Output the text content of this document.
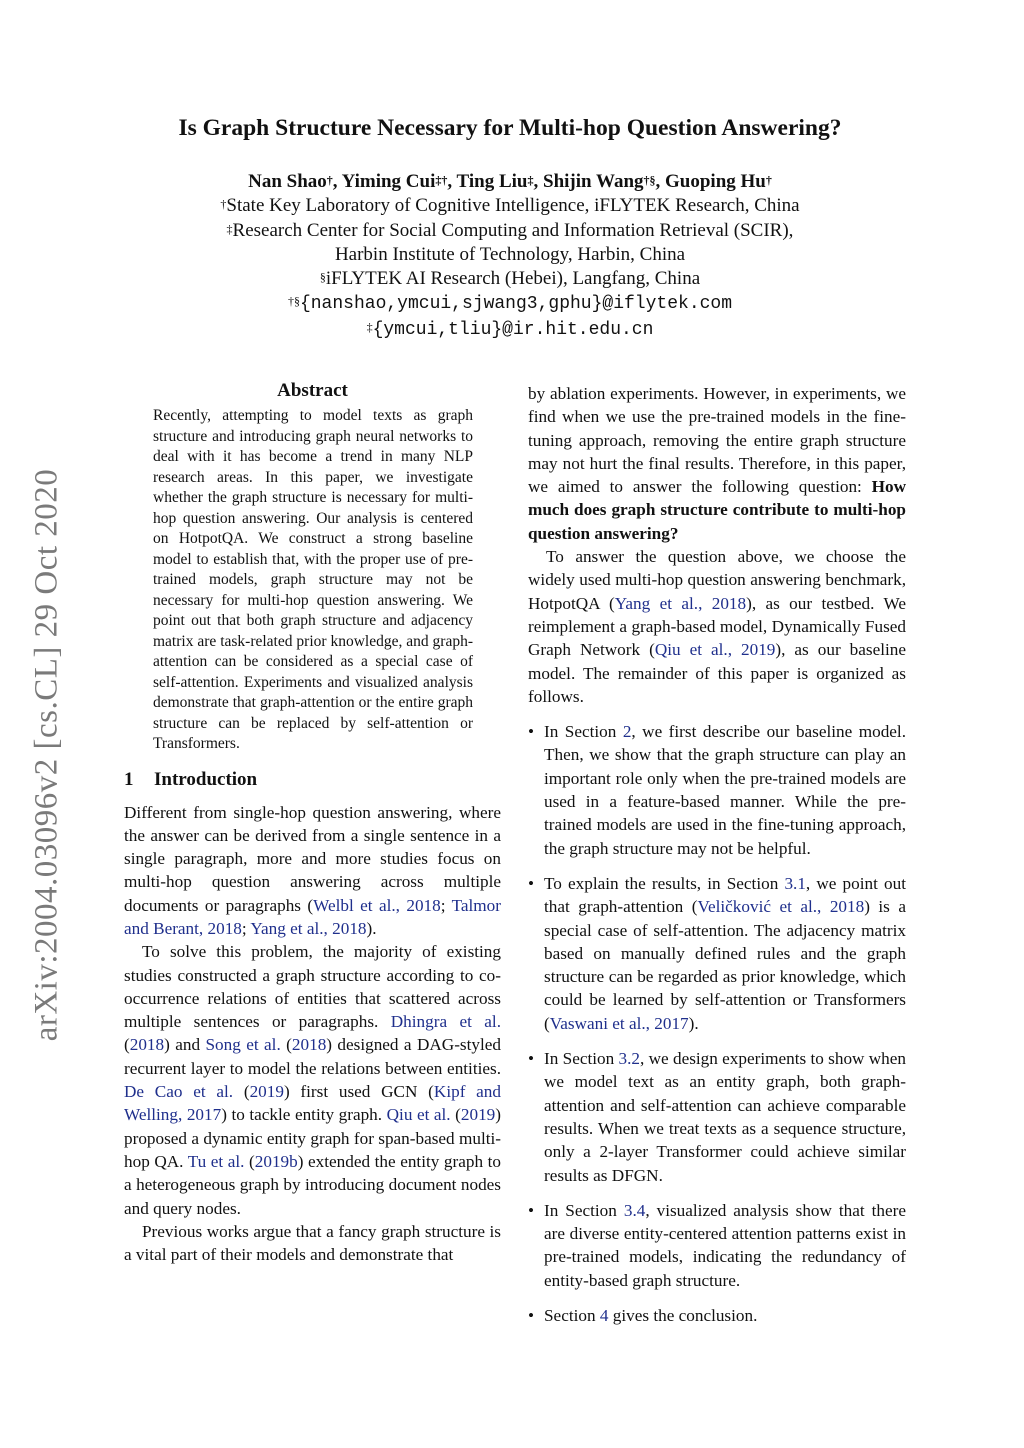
arXiv:2004.03096v2 [cs.CL] 29 Oct 2020
Is Graph Structure Necessary for Multi-hop Question Answering?
Nan Shao†, Yiming Cui‡†, Ting Liu‡, Shijin Wang†§, Guoping Hu†
†State Key Laboratory of Cognitive Intelligence, iFLYTEK Research, China
‡Research Center for Social Computing and Information Retrieval (SCIR),
Harbin Institute of Technology, Harbin, China
§iFLYTEK AI Research (Hebei), Langfang, China
†§{nanshao,ymcui,sjwang3,gphu}@iflytek.com
‡{ymcui,tliu}@ir.hit.edu.cn
Abstract

Recently, attempting to model texts as graph structure and introducing graph neural networks to deal with it has become a trend in many NLP research areas. In this paper, we investigate whether the graph structure is necessary for multi-hop question answering. Our analysis is centered on HotpotQA. We construct a strong baseline model to establish that, with the proper use of pre-trained models, graph structure may not be necessary for multi-hop question answering. We point out that both graph structure and adjacency matrix are task-related prior knowledge, and graph-attention can be considered as a special case of self-attention. Experiments and visualized analysis demonstrate that graph-attention or the entire graph structure can be replaced by self-attention or Transformers.

1 Introduction

Different from single-hop question answering, where the answer can be derived from a single sentence in a single paragraph, more and more studies focus on multi-hop question answering across multiple documents or paragraphs (Welbl et al., 2018; Talmor and Berant, 2018; Yang et al., 2018).

To solve this problem, the majority of existing studies constructed a graph structure according to co-occurrence relations of entities that scattered across multiple sentences or paragraphs. Dhingra et al. (2018) and Song et al. (2018) designed a DAG-styled recurrent layer to model the relations between entities. De Cao et al. (2019) first used GCN (Kipf and Welling, 2017) to tackle entity graph. Qiu et al. (2019) proposed a dynamic entity graph for span-based multi-hop QA. Tu et al. (2019b) extended the entity graph to a heterogeneous graph by introducing document nodes and query nodes.

Previous works argue that a fancy graph structure is a vital part of their models and demonstrate that

by ablation experiments. However, in experiments, we find when we use the pre-trained models in the fine-tuning approach, removing the entire graph structure may not hurt the final results. Therefore, in this paper, we aimed to answer the following question: How much does graph structure contribute to multi-hop question answering?

To answer the question above, we choose the widely used multi-hop question answering benchmark, HotpotQA (Yang et al., 2018), as our testbed. We reimplement a graph-based model, Dynamically Fused Graph Network (Qiu et al., 2019), as our baseline model. The remainder of this paper is organized as follows.

• In Section 2, we first describe our baseline model. Then, we show that the graph structure can play an important role only when the pre-trained models are used in a feature-based manner. While the pre-trained models are used in the fine-tuning approach, the graph structure may not be helpful.
• To explain the results, in Section 3.1, we point out that graph-attention (Veličković et al., 2018) is a special case of self-attention. The adjacency matrix based on manually defined rules and the graph structure can be regarded as prior knowledge, which could be learned by self-attention or Transformers (Vaswani et al., 2017).
• In Section 3.2, we design experiments to show when we model text as an entity graph, both graph-attention and self-attention can achieve comparable results. When we treat texts as a sequence structure, only a 2-layer Transformer could achieve similar results as DFGN.
• In Section 3.4, visualized analysis show that there are diverse entity-centered attention patterns exist in pre-trained models, indicating the redundancy of entity-based graph structure.
• Section 4 gives the conclusion.
